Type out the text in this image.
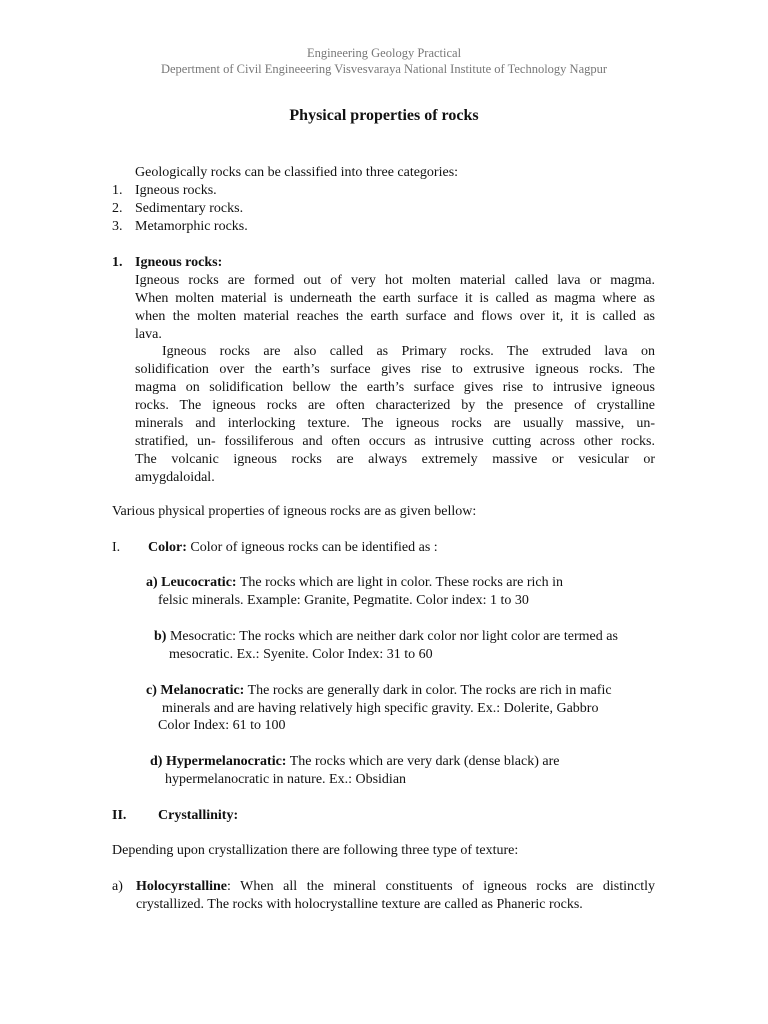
Engineering Geology Practical
Depertment of Civil Engineeering Visvesvaraya National Institute of Technology Nagpur
Physical properties of rocks
Geologically rocks can be classified into three categories:
1. Igneous rocks.
2. Sedimentary rocks.
3. Metamorphic rocks.
1. Igneous rocks:
Igneous rocks are formed out of very hot molten material called lava or magma.
When molten material is underneath the earth surface it is called as magma where as
when the molten material reaches the earth surface and flows over it, it is called as
lava.
Igneous rocks are also called as Primary rocks. The extruded lava on
solidification over the earth’s surface gives rise to extrusive igneous rocks. The
magma on solidification bellow the earth’s surface gives rise to intrusive igneous
rocks. The igneous rocks are often characterized by the presence of crystalline
minerals and interlocking texture. The igneous rocks are usually massive, un-
stratified, un- fossiliferous and often occurs as intrusive cutting across other rocks.
The volcanic igneous rocks are always extremely massive or vesicular or
amygdaloidal.
Various physical properties of igneous rocks are as given bellow:
I. Color: Color of igneous rocks can be identified as :
a) Leucocratic: The rocks which are light in color. These rocks are rich in
felsic minerals. Example: Granite, Pegmatite. Color index: 1 to 30
b) Mesocratic: The rocks which are neither dark color nor light color are termed as
mesocratic. Ex.: Syenite. Color Index: 31 to 60
c) Melanocratic: The rocks are generally dark in color. The rocks are rich in mafic
minerals and are having relatively high specific gravity. Ex.: Dolerite, Gabbro
Color Index: 61 to 100
d) Hypermelanocratic: The rocks which are very dark (dense black) are
hypermelanocratic in nature. Ex.: Obsidian
II. Crystallinity:
Depending upon crystallization there are following three type of texture:
a) Holocyrstalline: When all the mineral constituents of igneous rocks are distinctly
crystallized. The rocks with holocrystalline texture are called as Phaneric rocks.
